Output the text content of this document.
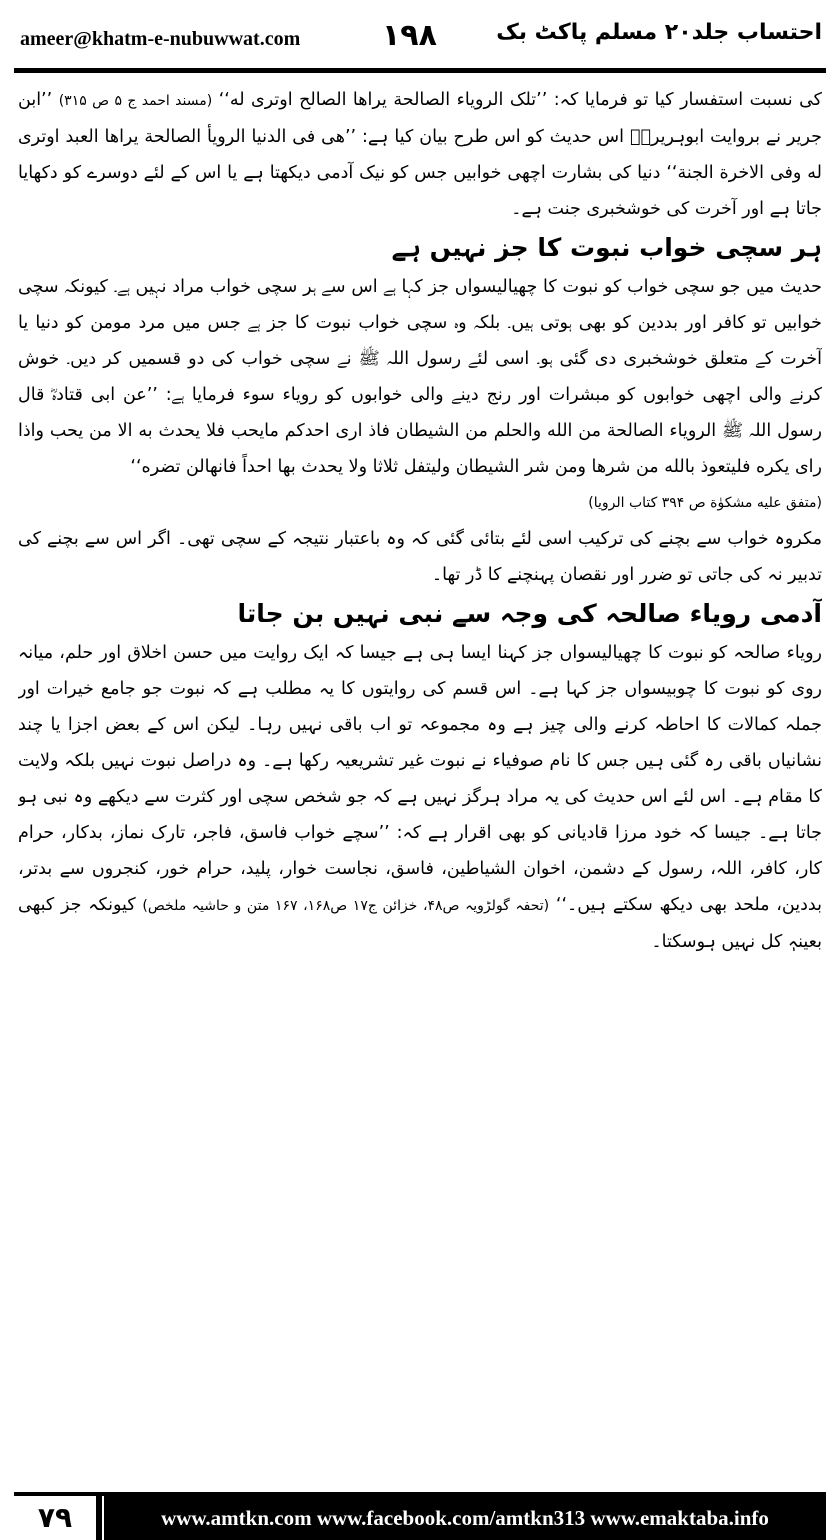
ameer@khatm-e-nubuwwat.com	۱۹۸	احتساب جلد۲۰ مسلم پاکٹ بک

کی نسبت استفسار کیا تو فرمایا کہ: ’’تلک الرویاء الصالحة یراها الصالح اوتری له‘‘ (مسند احمد ج ۵ ص ۳۱۵) ’’ابن جریر نے بروایت ابوہریرہؓ اس حدیث کو اس طرح بیان کیا ہے: ’’هی فی الدنیا الرویأ الصالحة یراها العبد اوتری له وفی الاخرة الجنة‘‘ دنیا کی بشارت اچھی خوابیں جس کو نیک آدمی دیکھتا ہے یا اس کے لئے دوسرے کو دکھایا جاتا ہے اور آخرت کی خوشخبری جنت ہے۔

ہر سچی خواب نبوت کا جز نہیں ہے

حدیث میں جو سچی خواب کو نبوت کا چھیالیسواں جز کہا ہے اس سے ہر سچی خواب مراد نہیں ہے۔ کیونکہ سچی خوابیں تو کافر اور بددین کو بھی ہوتی ہیں۔ بلکہ وہ سچی خواب نبوت کا جز ہے جس میں مرد مومن کو دنیا یا آخرت کے متعلق خوشخبری دی گئی ہو۔ اسی لئے رسول اللہ ﷺ نے سچی خواب کی دو قسمیں کر دیں۔ خوش کرنے والی اچھی خوابوں کو مبشرات اور رنج دینے والی خوابوں کو رویاء سوء فرمایا ہے: ’’عن ابی قتادہؓ قال رسول اللہ ﷺ الرویاء الصالحة من الله والحلم من الشیطان فاذ اری احدکم مایحب فلا یحدث به الا من یحب واذا رای یکره فلیتعوذ بالله من شرها ومن شر الشیطان ولیتفل ثلاثا ولا یحدث بها احداً فانهالن تضره‘‘
(متفق علیه مشکوٰة ص ۳۹۴ کتاب الرویا)

مکروہ خواب سے بچنے کی ترکیب اسی لئے بتائی گئی کہ وہ باعتبار نتیجہ کے سچی تھی۔ اگر اس سے بچنے کی تدبیر نہ کی جاتی تو ضرر اور نقصان پہنچنے کا ڈر تھا۔

آدمی رویاء صالحہ کی وجہ سے نبی نہیں بن جاتا

رویاء صالحہ کو نبوت کا چھیالیسواں جز کہنا ایسا ہی ہے جیسا کہ ایک روایت میں حسن اخلاق اور حلم، میانہ روی کو نبوت کا چوبیسواں جز کہا ہے۔ اس قسم کی روایتوں کا یہ مطلب ہے کہ نبوت جو جامع خیرات اور جملہ کمالات کا احاطہ کرنے والی چیز ہے وہ مجموعہ تو اب باقی نہیں رہا۔ لیکن اس کے بعض اجزا یا چند نشانیاں باقی رہ گئی ہیں جس کا نام صوفیاء نے نبوت غیر تشریعیہ رکھا ہے۔ وہ دراصل نبوت نہیں بلکہ ولایت کا مقام ہے۔ اس لئے اس حدیث کی یہ مراد ہرگز نہیں ہے کہ جو شخص سچی اور کثرت سے دیکھے وہ نبی ہو جاتا ہے۔ جیسا کہ خود مرزا قادیانی کو بھی اقرار ہے کہ: ’’سچے خواب فاسق، فاجر، تارک نماز، بدکار، حرام کار، کافر، اللہ، رسول کے دشمن، اخوان الشیاطین، فاسق، نجاست خوار، پلید، حرام خور، کنجروں سے بدتر، بددین، ملحد بھی دیکھ سکتے ہیں۔‘‘ (تحفہ گولڑویہ ص۴۸، خزائن ج۱۷ ص۱۶۸، ۱۶۷ متن و حاشیہ ملخص) کیونکہ جز کبھی بعینہٖ کل نہیں ہوسکتا۔

۷۹	www.amtkn.com www.facebook.com/amtkn313 www.emaktaba.info
